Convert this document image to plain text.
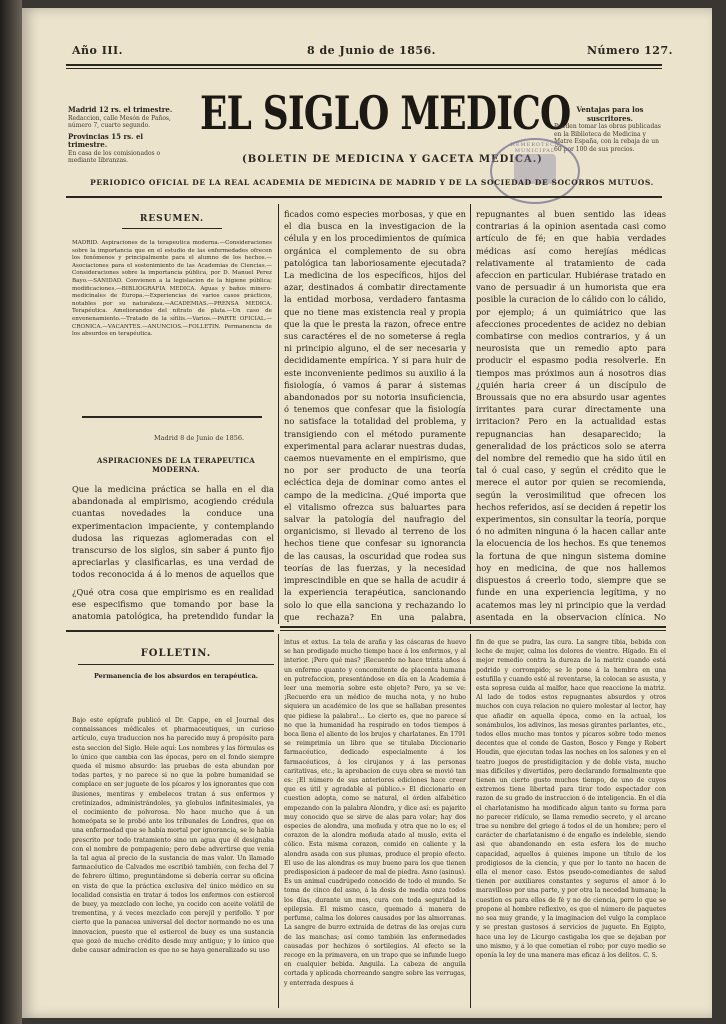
Año III.	8 de Junio de 1856.	Número 127.
Madrid 12 rs. el trimestre.
Redaccion, calle Mesón de Paños, número 7, cuarto segundo.
Provincias 15 rs. el trimestre.
En casa de los comisionados o mediante libranzas.
EL SIGLO MEDICO
(BOLETIN DE MEDICINA Y GACETA MEDICA.)
Ventajas para los suscritores.
Pueden tomar las obras publicadas en la Biblioteca de Medicina y Matre España, con la rebaja de un 60 por 100 de sus precios.
HEMEROTECA MUNICIPAL
PERIODICO OFICIAL DE LA REAL ACADEMIA DE MEDICINA DE MADRID Y DE LA SOCIEDAD DE SOCORROS MUTUOS.
RESUMEN.
MADRID. Aspiraciones de la terapeutica moderna.—Consideraciones sobre la importancia que en el estudio de las enfermedades ofrecen los fenómenos y principalmente para el alumno de los hechos.—Asociaciones para el sostenimiento de las Academias de Ciencias.—Consideraciones sobre la importancia pública, por D. Manuel Perez Bayo.—SANIDAD. Convienen a la legislacion de la higiene pública; modificaciones.—BIBLIOGRAFIA MEDICA. Aguas y baños minero-medicinales de Europa.—Experiencias de varios casos prácticos, notables por su naturaleza.—ACADEMIAS.—PRENSA MEDICA. Terapéutica. Ameliorandos del nitrato de plata.—Un caso de envenenamiento.—Tratado de la sífilis.—Varios.—PARTE OFICIAL.—CRONICA.—VACANTES.—ANUNCIOS.—FOLLETIN. Permanencia de los absurdos en terapéutica.
Madrid 8 de Junio de 1856.
ASPIRACIONES DE LA TERAPEUTICA MODERNA.
Que la medicina práctica se halla en el dia abandonada al empirismo, acogiendo crédula cuantas novedades la conduce una experimentacion impaciente, y contemplando dudosa las riquezas aglomeradas con el transcurso de los siglos, sin saber á punto fijo apreciarlas y clasificarlas, es una verdad de todos reconocida á á lo menos de aquellos que
¿Qué otra cosa que empirismo es en realidad ese especifismo que tomando por base la anatomia patológica, ha pretendido fundar la
ficados como especies morbosas, y que en el dia busca en la investigacion de la célula y en los procedimientos de química orgánica el complemento de su obra patológica tan laboriosamente ejecutada? La medicina de los específicos, hijos del azar, destinados á combatir directamente la entidad morbosa, verdadero fantasma que no tiene mas existencia real y propia que la que le presta la razon, ofrece entre sus caractéres el de no someterse á regla ni principio alguno, el de ser necesaria y decididamente empírica. Y si para huir de este inconveniente pedimos su auxilio á la fisiología, ó vamos á parar á sistemas abandonados por su notoria insuficiencia, ó tenemos que confesar que la fisiología no satisface la totalidad del problema, y transigiendo con el método puramente experimental para aclarar nuestras dudas, caemos nuevamente en el empirismo, que no por ser producto de una teoría ecléctica deja de dominar como antes el campo de la medicina. ¿Qué importa que el vitalismo ofrezca sus baluartes para salvar la patología del naufragio del organicismo, si llevado al terreno de los hechos tiene que confesar su ignorancia de las causas, la oscuridad que rodea sus teorías de las fuerzas, y la necesidad imprescindible en que se halla de acudir á la experiencia terapéutica, sancionando solo lo que ella sanciona y rechazando lo que rechaza? En una palabra,
repugnantes al buen sentido las ideas contrarias á la opinion asentada casi como artículo de fé; en que habia verdades médicas así como herejías médicas relativamente al tratamiento de cada afeccion en particular. Hubiérase tratado en vano de persuadir á un humorista que era posible la curacion de lo cálido con lo cálido, por ejemplo; á un quimiátrico que las afecciones procedentes de acidez no debian combatirse con medios contrarios, y á un neurosista que un remedio apto para producir el espasmo podia resolverle. En tiempos mas próximos aun á nosotros dias ¿quién haria creer á un discípulo de Broussais que no era absurdo usar agentes irritantes para curar directamente una irritacion? Pero en la actualidad estas repugnancias han desaparecido; la generalidad de los prácticos solo se aterra del nombre del remedio que ha sido útil en tal ó cual caso, y según el crédito que le merece el autor por quien se recomienda, según la verosimilitud que ofrecen los hechos referidos, así se deciden á repetir los experimentos, sin consultar la teoría, porque ó no admiten ninguna ó la hacen callar ante la elocuencia de los hechos. Es que tenemos la fortuna de que ningun sistema domine hoy en medicina, de que nos hallemos dispuestos á creerlo todo, siempre que se funde en una experiencia legítima, y no acatemos mas ley ni principio que la verdad asentada en la observacion clínica. No
FOLLETIN.
Permanencia de los absurdos en terapéutica.
Bajo este epígrafe publicó el Dr. Cappe, en el Journal des connaissances médicales et pharmaceutiques, un curioso artículo, cuya traduccion nos ha parecido muy á propósito para esta seccion del Siglo. Hele aquí: Los nombres y las fórmulas es lo único que cambia con las épocas, pero en el fondo siempre queda el mismo absurdo: las pruebas de esta abundan por todas partes, y no parece si no que la pobre humanidad se complace en ser juguete de los pícaros y los ignorantes que con ilusiones, mentiras y embelecos tratan á sus enfermos y cretinizados, administrándoles, ya globulos infinitesimales, ya el cocimiento de polvorosa. No hace mucho que á un homeópata se le probó ante los tribunales de Londres, que en una enfermedad que se había mortal por ignorancia, se le había prescrito por todo tratamiento sino un agua que él designaba con el nombre de pompagenio; pero debe advertirse que venia la tal agua al precio de la sustancia de mas valor. Un llamado farmacéutico de Calvados me escribió también, con fecha del 7 de febrero último, preguntándome si debería cerrar su oficina en vista de que la práctica exclusiva del único médico en su localidad consistia en tratar á todos los enfermos con estiercol de buey, ya mezclado con leche, ya cocido con aceite volátil de trementina, y á veces mezclado con perejil y perifollo. Y por cierto que la panacea universal del doctor normando no es una innovacion, puesto que el estiercol de buey es una sustancia que gozó de mucho crédito desde muy antiguo; y lo único que debe causar admiracion es que no se haya generalizado su uso
intus et extus. La tela de araña y las cáscaras de huevo se han prodigado mucho tiempo hace á los enfermos, y al interior. ¡Pero qué mas? ¡Recuerdo no hace trinta años á un enfermo quanto y concomitente de placenta humana en putrefaccion, presentándose en día en la Academia á leer una memoria sobre este objeto? Pero, ya se ve: ¡Recuerdo era un médico de mucha nota, y no hubo siquiera un académico de los que se hallaban presentes que pidiese la palabra!... Lo cierto es, que no parece sí no que la humanidad ha respirado en todos tiempos á boca llena el aliento de los brujos y charlatanes. En 1791 se reimprimia un libro que se titulaba Diccionario farmacéutico, dedicado especialmente á los farmacéuticos, á los cirujanos y á las personas caritativas, etc.; la aprobacion de cuya obra se movió tan es: ¡El número de sus anteriores ediciones hace creer que es útil y agradable al público.» El diccionario en cuestion adopta, como se natural, el órden alfabético empezando con la palabra Alondra, y dice así: es pajarito muy conocido que se sirve de alas para volar; hay dos especies de alondra, una moñuda y otra que no lo es; el corazon de la alondra moñuda atado al muslo, evita el cólico. Esta misma corazon, comido en caliente y la alondra asada con sus plumas, produce el propio efecto. El uso de las alondras es muy bueno para los que tienen predisposicion á padecer de mal de piedra. Asno (asinus). Es un animal cuadrúpedo conocido de todo el mundo. Se toma de cinco del asno, á la dosis de media onza todos los días, durante un mes, cura con toda seguridad la epilepsia. El mismo casco, quemado á manera de perfume, calma los dolores causados por las almorranas. La sangre de burro extraida de detras de las orejas cura de las manchas; así como también las enfermedades causadas por hechizos ó sortilegios. Al efecto se la recoge en la primavera, en un trapo que se infunde luego en cualquier bebida. Anguila. La cabeza de anguila cortada y aplicada chorreando sangre sobre las verrugas, y enterrada despues á
fin de que se pudra, las cura. La sangre tibia, bebida con leche de mujer, calma los dolores de vientre. Hígado. En el mejor remedio contra la dureza de la matriz cuando está podrido y corrompido; se le pone á la hembra en una estufilla y cuando esté al reventarse, la colocan se asusta, y esta sopresa cuida al malfor, hace que reaccione la matriz. Al lado de todos estos repugnantes absurdos y otros muchos con cuya relacion no quiero molestar al lector, hay que añadir en aquella época, como en la actual, los sonámbulos, los adivinos, las mesas girantes parlantes, etc., todos ellos mucho mas tontos y pícaros sobre todo menos decentes que el conde de Gaston, Bosco y Fenge y Robert Houdin, que ejecutan todas las noches en los salones y en el teatro juegos de prestidigitacion y de doble vista, mucho mas difíciles y divertidos, pero declarando formalmente que tienen un cierto gusto muchos tiempo, de uno de cuyos extremos tiene libertad para tirar todo espectador con razon de su grado de instruccion ó de inteligencia. En el día el charlatanismo ha modificado algun tanto su forma para no parecer ridículo, se llama remedio secreto, y el arcano trae su nombre del griego á todos el de un hombre; pero el carácter de charlatanismo é de engaño es indeleble, siendo asi que abandonando en esta esfera los de mucho capacidad, aquellos á quienes impone un título de los prodigiosos de la ciencia, y que por lo tanto no hacen de ella el menor caso. Estos pseudo-comediantes de salud tienen por auxiliares constantes y seguros el amor á lo maravilloso por una parte, y por otra la necedad humana; la cuestion es para ellos de fé y no de ciencia, pero lo que se propone al hombre reflexivo, es que el número de paquetes no sea muy grande, y la imaginacion del vulgo la complace y se prestan gustosos á servicios de juguete. En Egipto, hace una ley de Licurgo castigaba los que se dejaban por uno mismo, y á lo que cometian el robo; por cuyo medio se oponía la ley de una manera mas eficaz á los delitos. C. S.
